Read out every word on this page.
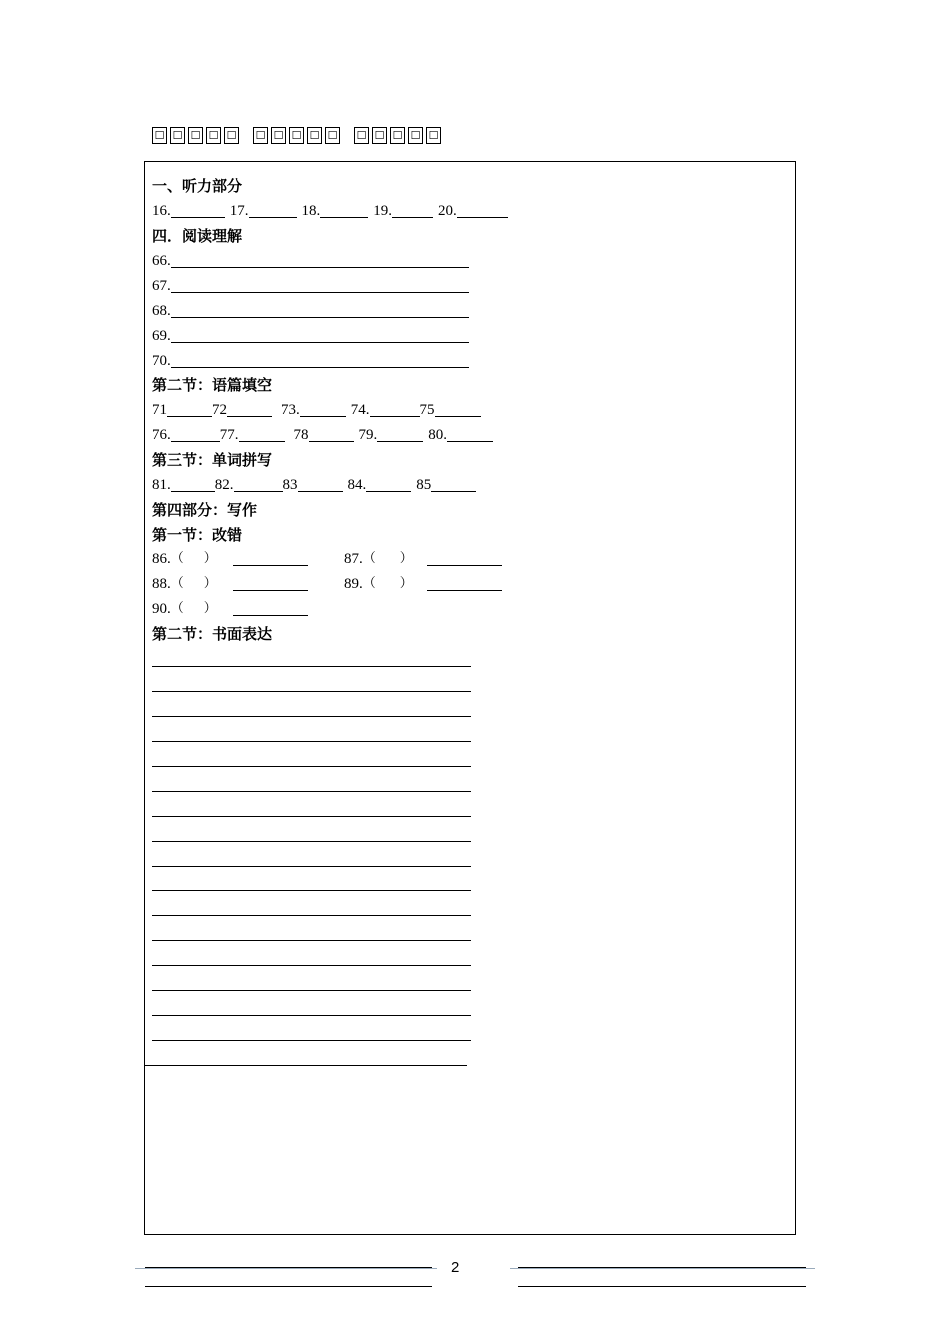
☐ ☐ ☐ ☐ ☐ ☐ ☐ ☐ ☐ ☐ ☐ ☐ ☐ ☐ ☐
一、听力部分
16.	17.	18.	19.	20.
四．阅读理解
66.
67.
68.
69.
70.
第二节：语篇填空
71	72	73.	74.	75
76.	77.	78	79.	80.
第三节：单词拼写
81.	82.	83	84.	85
第四部分：写作
第一节：改错
86. （ ）	87. （ ）
88. （ ）	89. （ ）
90. （ ）
第二节：书面表达
2
